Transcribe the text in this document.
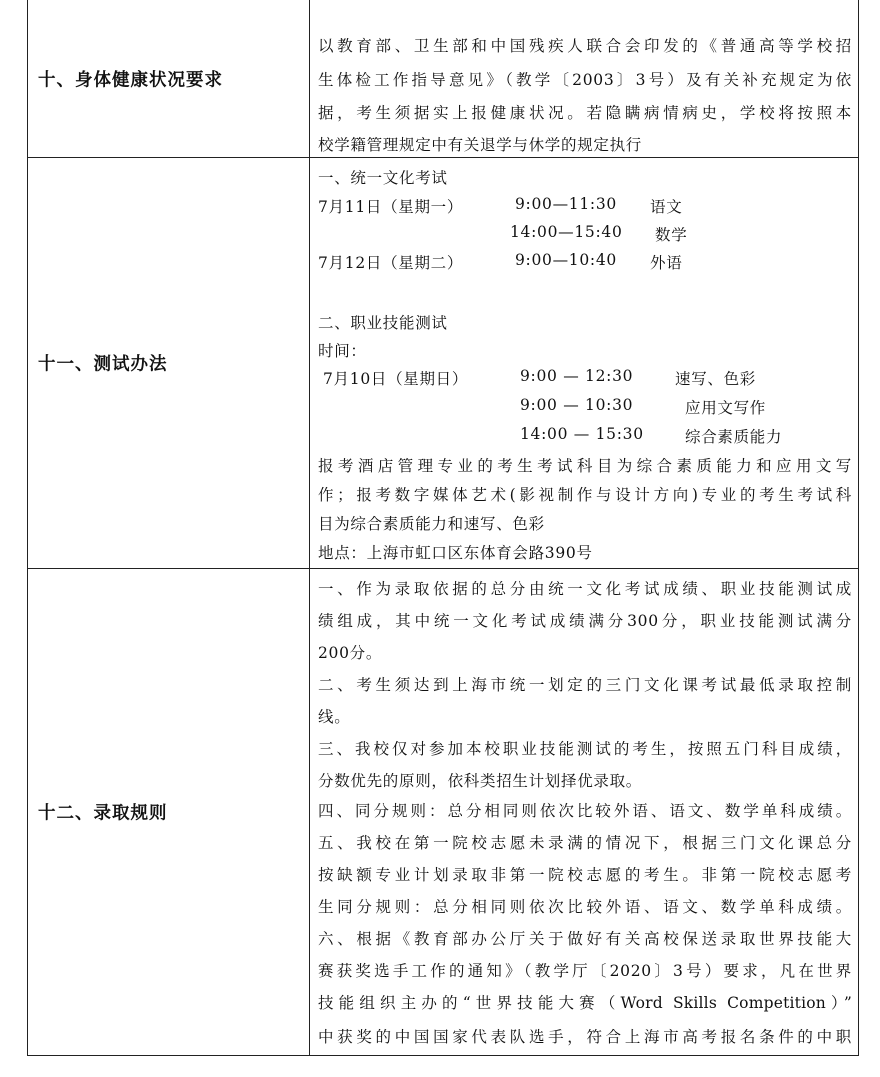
十、身体健康状况要求
以教育部、卫生部和中国残疾人联合会印发的《普通高等学校招
生体检工作指导意见》（教学〔2003〕3号）及有关补充规定为依
据，考生须据实上报健康状况。若隐瞒病情病史，学校将按照本
校学籍管理规定中有关退学与休学的规定执行
十一、测试办法
一、统一文化考试
7月11日（星期一）	9:00—11:30 语文
14:00—15:40 数学
7月12日（星期二）	9:00—10:40 外语
二、职业技能测试
时间：
7月10日（星期日）	9:00 — 12:30	速写、色彩
9:00 — 10:30	应用文写作
14:00 — 15:30	综合素质能力
报考酒店管理专业的考生考试科目为综合素质能力和应用文写
作；报考数字媒体艺术(影视制作与设计方向)专业的考生考试科
目为综合素质能力和速写、色彩
地点：上海市虹口区东体育会路390号
十二、录取规则
一、作为录取依据的总分由统一文化考试成绩、职业技能测试成
绩组成，其中统一文化考试成绩满分300分，职业技能测试满分
200分。
二、考生须达到上海市统一划定的三门文化课考试最低录取控制
线。
三、我校仅对参加本校职业技能测试的考生，按照五门科目成绩，
分数优先的原则，依科类招生计划择优录取。
四、同分规则：总分相同则依次比较外语、语文、数学单科成绩。
五、我校在第一院校志愿未录满的情况下，根据三门文化课总分
按缺额专业计划录取非第一院校志愿的考生。非第一院校志愿考
生同分规则：总分相同则依次比较外语、语文、数学单科成绩。
六、根据《教育部办公厅关于做好有关高校保送录取世界技能大
赛获奖选手工作的通知》（教学厅〔2020〕3号）要求，凡在世界
技能组织主办的“世界技能大赛（Word Skills Competition）”
中获奖的中国国家代表队选手，符合上海市高考报名条件的中职
